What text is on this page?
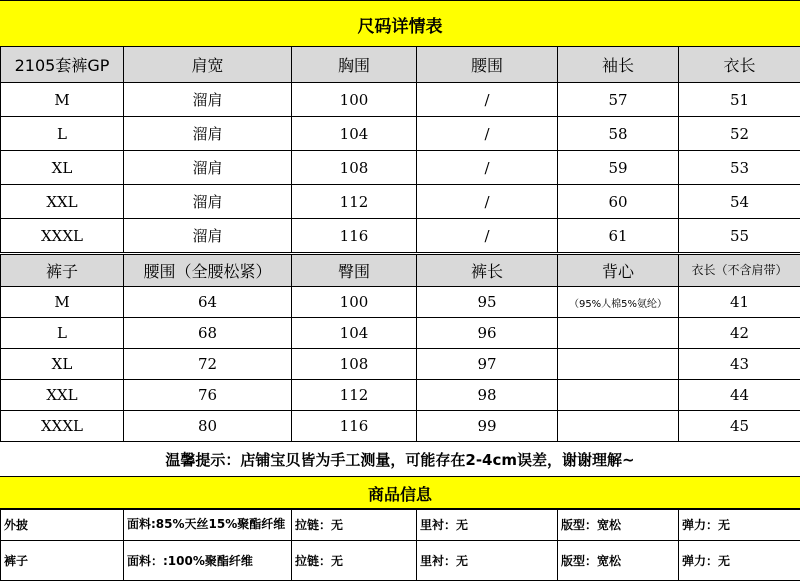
尺码详情表
2105套裤GP	肩宽	胸围	腰围	袖长	衣长
M	溜肩	100	/	57	51
L	溜肩	104	/	58	52
XL	溜肩	108	/	59	53
XXL	溜肩	112	/	60	54
XXXL	溜肩	116	/	61	55
裤子	腰围（全腰松紧）	臀围	裤长	背心	衣长（不含肩带）
M	64	100	95	（95%人棉5%氨纶）	41
L	68	104	96		42
XL	72	108	97		43
XXL	76	112	98		44
XXXL	80	116	99		45
温馨提示：店铺宝贝皆为手工测量，可能存在2-4cm误差，谢谢理解~
商品信息
外披	面料:85%天丝15%聚酯纤维	拉链：无	里衬：无	版型：宽松	弹力：无
裤子	面料：:100%聚酯纤维	拉链：无	里衬：无	版型：宽松	弹力：无
